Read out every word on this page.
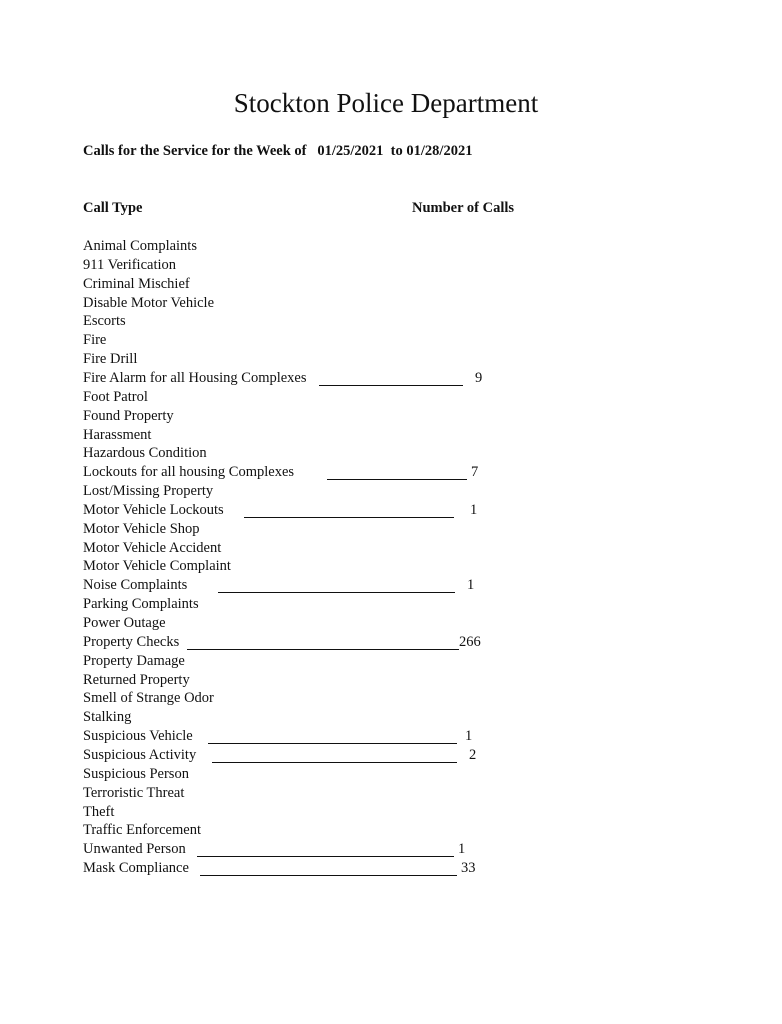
Stockton Police Department
Calls for the Service for the Week of   01/25/2021  to 01/28/2021
Call Type	Number of Calls
Animal Complaints
911 Verification
Criminal Mischief
Disable Motor Vehicle
Escorts
Fire
Fire Drill
Fire Alarm for all Housing Complexes	9
Foot Patrol
Found Property
Harassment
Hazardous Condition
Lockouts for all housing Complexes	7
Lost/Missing Property
Motor Vehicle Lockouts	1
Motor Vehicle Shop
Motor Vehicle Accident
Motor Vehicle Complaint
Noise Complaints	1
Parking Complaints
Power Outage
Property Checks	266
Property Damage
Returned Property
Smell of Strange Odor
Stalking
Suspicious Vehicle	1
Suspicious Activity	2
Suspicious Person
Terroristic Threat
Theft
Traffic Enforcement
Unwanted Person	1
Mask Compliance	33
